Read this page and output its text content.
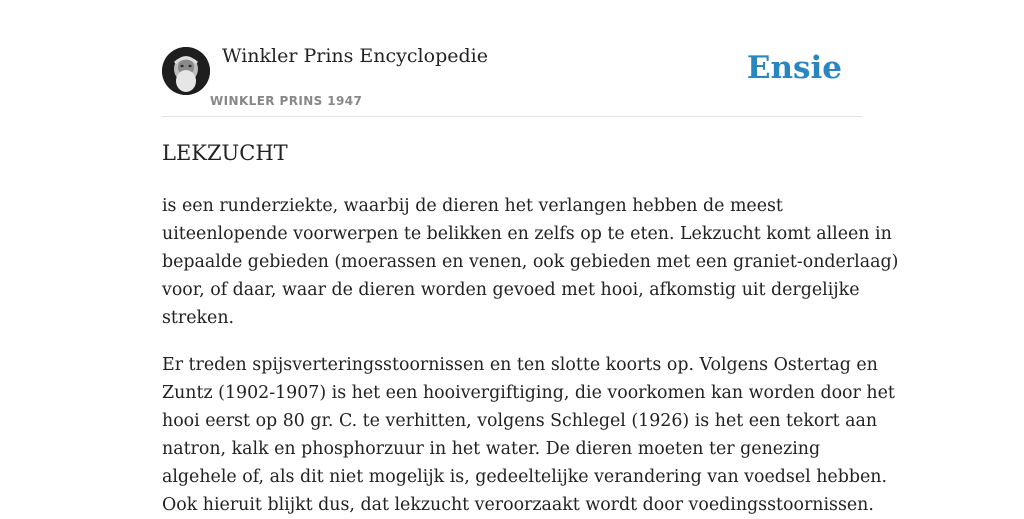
Winkler Prins Encyclopedie
WINKLER PRINS 1947
Ensie
LEKZUCHT

is een runderziekte, waarbij de dieren het verlangen hebben de meest
uiteenlopende voorwerpen te belikken en zelfs op te eten. Lekzucht komt alleen in
bepaalde gebieden (moerassen en venen, ook gebieden met een graniet-onderlaag)
voor, of daar, waar de dieren worden gevoed met hooi, afkomstig uit dergelijke
streken.

Er treden spijsverteringsstoornissen en ten slotte koorts op. Volgens Ostertag en
Zuntz (1902-1907) is het een hooivergiftiging, die voorkomen kan worden door het
hooi eerst op 80 gr. C. te verhitten, volgens Schlegel (1926) is het een tekort aan
natron, kalk en phosphorzuur in het water. De dieren moeten ter genezing
algehele of, als dit niet mogelijk is, gedeeltelijke verandering van voedsel hebben.
Ook hieruit blijkt dus, dat lekzucht veroorzaakt wordt door voedingsstoornissen.
